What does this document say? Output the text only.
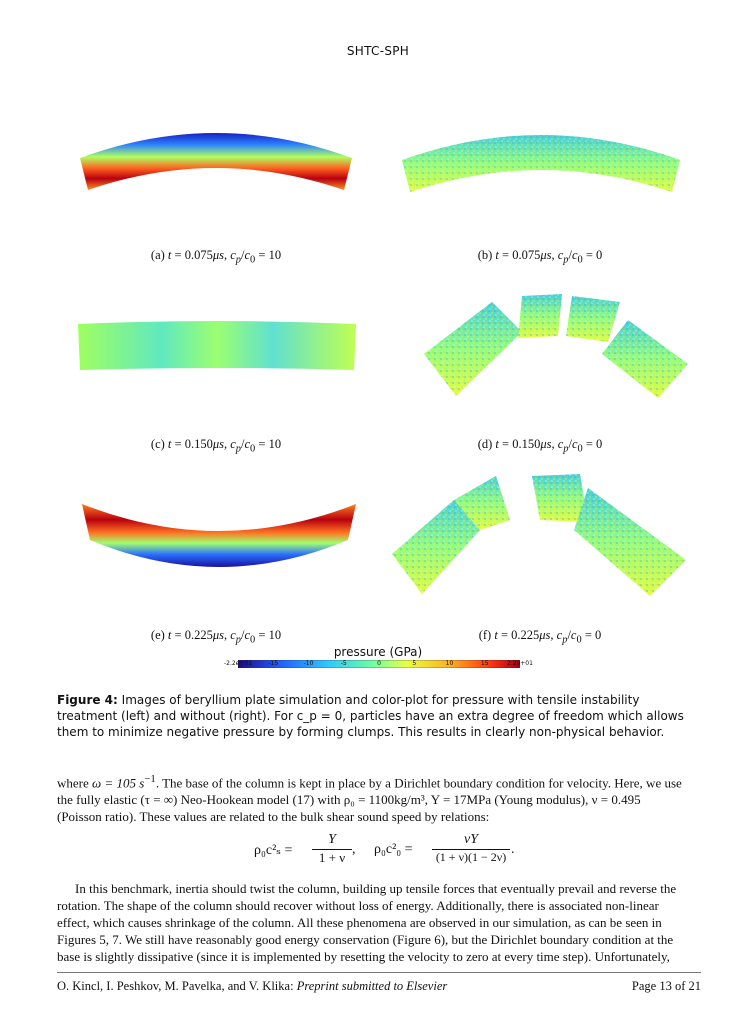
SHTC-SPH
(a) t = 0.075μs, $c_p/c_0 = 10$	(b) t = 0.075μs, $c_p/c_0 = 0$
(c) t = 0.150μs, $c_p/c_0 = 10$	(d) t = 0.150μs, $c_p/c_0 = 0$
(e) t = 0.225μs, $c_p/c_0 = 10$	(f) t = 0.225μs, $c_p/c_0 = 0$
pressure (GPa)
-2.2e+01	-15	-10	-5	0	5	10	15	2.2e+01
Figure 4: Images of beryllium plate simulation and color-plot for pressure with tensile instability treatment (left) and without (right). For c_p = 0, particles have an extra degree of freedom which allows them to minimize negative pressure by forming clumps. This results in clearly non-physical behavior.
where ω = 105 $s^{-1}$. The base of the column is kept in place by a Dirichlet boundary condition for velocity. Here, we use
the fully elastic (τ = ∞) Neo-Hookean model (17) with ρ₀ = 1100kg/m³, Y = 17MPa (Young modulus), ν = 0.495
(Poisson ratio). These values are related to the bulk shear sound speed by relations:
ρ₀c²ₛ =
Y
1 + ν
, ρ₀c²₀ =
νY
(1 + ν)(1 − 2ν) .
In this benchmark, inertia should twist the column, building up tensile forces that eventually prevail and reverse the
rotation. The shape of the column should recover without loss of energy. Additionally, there is associated non-linear
effect, which causes shrinkage of the column. All these phenomena are observed in our simulation, as can be seen in
Figures 5, 7. We still have reasonably good energy conservation (Figure 6), but the Dirichlet boundary condition at the
base is slightly dissipative (since it is implemented by resetting the velocity to zero at every time step). Unfortunately,
O. Kincl, I. Peshkov, M. Pavelka, and V. Klika: Preprint submitted to Elsevier	Page 13 of 21
